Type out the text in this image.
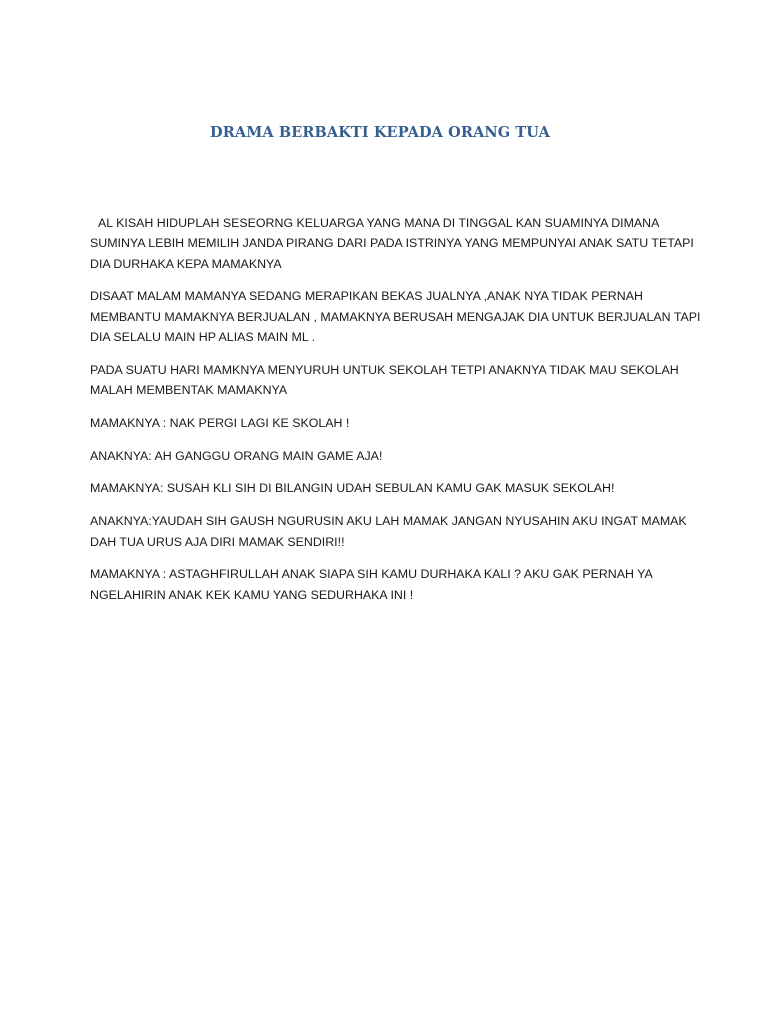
DRAMA BERBAKTI KEPADA ORANG TUA

AL KISAH HIDUPLAH SESEORNG KELUARGA YANG MANA DI TINGGAL KAN SUAMINYA DIMANA
SUMINYA LEBIH MEMILIH JANDA PIRANG DARI PADA ISTRINYA YANG MEMPUNYAI ANAK SATU TETAPI
DIA DURHAKA KEPA MAMAKNYA

DISAAT MALAM MAMANYA SEDANG MERAPIKAN BEKAS JUALNYA ,ANAK NYA TIDAK PERNAH
MEMBANTU MAMAKNYA BERJUALAN , MAMAKNYA BERUSAH MENGAJAK DIA UNTUK BERJUALAN TAPI
DIA SELALU MAIN HP ALIAS MAIN ML .

PADA SUATU HARI MAMKNYA MENYURUH UNTUK SEKOLAH TETPI ANAKNYA TIDAK MAU SEKOLAH
MALAH MEMBENTAK MAMAKNYA

MAMAKNYA : NAK PERGI LAGI KE SKOLAH !

ANAKNYA: AH GANGGU ORANG MAIN GAME AJA!

MAMAKNYA: SUSAH KLI SIH DI BILANGIN UDAH SEBULAN KAMU GAK MASUK SEKOLAH!

ANAKNYA:YAUDAH SIH GAUSH NGURUSIN AKU LAH MAMAK JANGAN NYUSAHIN AKU INGAT MAMAK
DAH TUA URUS AJA DIRI MAMAK SENDIRI!!

MAMAKNYA : ASTAGHFIRULLAH ANAK SIAPA SIH KAMU DURHAKA KALI ? AKU GAK PERNAH YA
NGELAHIRIN ANAK KEK KAMU YANG SEDURHAKA INI !
